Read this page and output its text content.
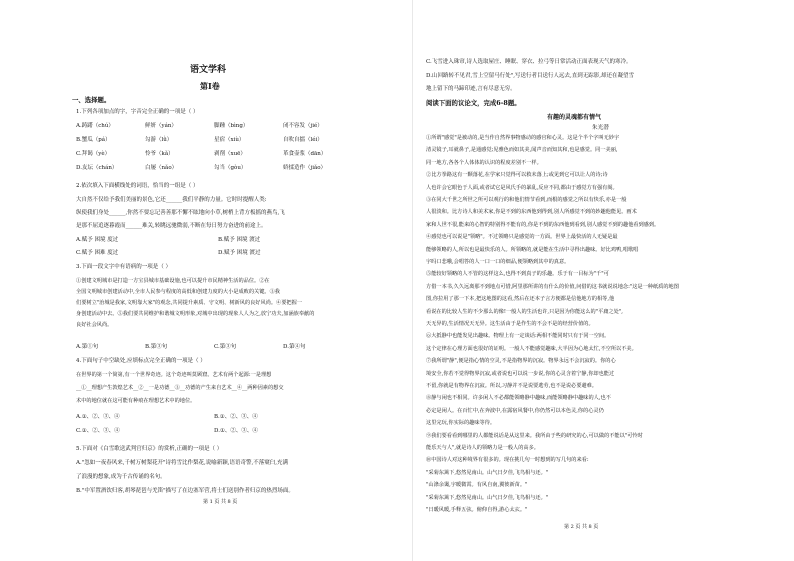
语文学科
第Ⅰ卷
一、选择题。
1.下列各项加点的字，字音完全正确的一项是（ ）
A.踌躇（chú）	鲜妍（yán）	脚踵（bìng）	闭不容发（jié）
B.蟹瓜（pá）	勾游（lǜ）	星宿（xiù）	自吹自擂（léi）
C.拜谒（yè）	怜爷（kǎ）	剥削（xuē）	革食壶浆（dān）
D.友坛（chán）	白屡（nǎo）	勾当（gòu）	娇揉造作（jiǎo）
2.依次填入下面横线处的词语，恰当的一组是（ ）
大自然不仅给予我们美丽的景色,它还______我们平静的力量。它时时提醒人类:
纵使我们身处______,你然不要忘记善善那不懈不眩地向小草,树梢上背方板摇的燕鸟,飞
是那不屈追逐暮霞而______难关,转眺远驰微弱,不断在每日努力奋进的前途上。
A.赋予 困境 度过	B.赋予 困境 渡过
C.赋予 困难 度过	D.赋予 困境 渡过
3.下面一段文字中有语病的一项是（ ）
①创建文明城市是打造一方宝县城市基础设施,也可以提升市民精神生活的品位。②在
全国文明城市创建活动中,全市人民参与程度的高低和创建力度的大小是成败的关键。③我
们要树立"治城是我家,文明靠大家"的观念,共同提升素质、守文明、树新风的良好风尚。④要把握一
身创建活动中去。⑤我们要共同维护和谐城文明形象,对城中出现的现象人人为之,放宁功夫,加涵族奉献的
良好社会风尚。
A.第①句	B.第③句	C.第③句	D.第④句
4.下面句子中空缺处,应填标点完全正确的一项是（ ）
在世界的第一个简第,有一个世界奇迹。这个奇迹叫莫顾窟。艺术有两个起源:一是理想
__①__理想产生敦煌艺术__②__一是功德__③__功德的产生来自艺术__④__两种因素的想交
术中的地位就在这可能有种痕在理想艺术中的地位。
A.①、②、③、④	B.①、②、③、④
C.①、②、③、④	D.①、②、③、④
5.下面对《白雪歌送武判官归京》的赏析,正确的一项是（ ）
A."忽如一夜春风来,千树万树梨花开"诗将雪比作梨花,说喻新颖,语语奇警,不落窠臼,充满
了浪漫的想象,成为千古传诵的名句。
B."中军置酒饮归客,胡琴琵琶与羌笛"描写了在边塞军营,将士们送别作者归京的热烈场面。
第 1 页 共 8 页
C.飞雪进入珠帘,诗人选取屋庄、睡眠、穿衣、拉弓等日常活动正面表现天气的寒冷。
D.山回路转不见君,雪上空留马行处",写送行者目送行人远去,直到无踪影,却还在凝望雪
地上留下的马蹄印迹,言有尽意无穷。
阅读下面的议论文，完成6-8题。
有趣的灵魂都有情气
朱光潜
①所谓"感觉"是被动的,是当作自然界事物感动的感官和心灵。这是个半个字叫无妙宇
清灵镜子,耳就鼻子,是通感觉;见雅色而如其美,闻声音而知其和,也是感觉。同一美丽,
同一地方,各各个人体体的认识的程度差别不一样。
②比方拳路这有一颗落花,在学家只觉得可以救未落上;或见到它可以让人的诗;诗
人也许会它眼色于人面,或者试它是风氏手的暴乱,反应不同,都由于感觉方有强有阁。
③在同大千世之所世之所可以观行的和他们情节看到,而根的感觉之所以有快乐,亦是一般
人很淡和。比方诗人和美术家,你是不到的东西他到得到,别人所感觉不到的妙趣他能见。画术
家和人世不很,能来的心智的特别得不能有的,你是不到的东西他到看到,别人感觉不到的趣他看到感到。
④感觉也可以说是"领略"。不过领略只是感觉的一方面。世界上最快活的人无疑是最
能够领略的人,所以也是最快乐的人。所领略的,就是能在生活中寻得出趣味。好比鸡鸭,唱歌唱
宇吗口悲哦,会唱答的人一口一口的细品,便领略到其中的真意。
⑤能较好领略的人不管的这样这么,也得不到真子的乐趣。乐于有一目标为"千"可
方借一本书,久久远离那不到地点可惜,阿里那所讲的有什么的价值,问借的这书就说说地念:"这是一种纸质的地图
图,你拉用了那一下本,把这地图的这看,然后在还本子言方便都是信他地方的相等,他
看说在的比较人生的不少那么的像!一般人的生活也许,只是因为你能这么的"平庸之处",
天无异的,生活情况天无异。这生活由于是作生的不会不是的经营价值的。
⑥大抵静中也能发见出趣味。物理上有一定谈话:两相不能同时只有于同一空间。
这个定律在心理方面也很好的证明。一般人不能感觉趣味,大半因为心地太忙,不空所以不美。
⑦我所谓"静",便是指心情的空灵,不是指物界的沉寂。物界永远不会沉寂的。你的心
境安全,你若不觉得物界沉寂,或者说也可以说一步说,你的心灵含着宁静,你却也能过
不留,你就是有物界在沉寂。所以,习静并不是说要逃劳,也不是说必要避难。
⑧静与闲也不相同。许多闲人不必都能领略静中趣味,而能领略静中趣味的人,也不
必定是闲人。在百忙中,在奔波中,在露宿风餐中,你仍然可以本色灵,你的心灵仍
这里完玩,你实际的趣味等待。
⑨我们要看看到哪里的人都能说话是从这里来。我所由于些的研究的心,可以做的不能以"可怜时
能乐天与人",就是诗人的领略力是一般人的高多。
⑩中国诗人对这种境界有很多的。现在挑几句一时想到的写几句的来看:
"采菊东篱下,悠然见南山。山气日夕佳,飞鸟相与还。"
"山涤余霭,宇暖微霄。有风自南,翼彼新苗。"
"采菊东篱下,悠然见南山。山气日夕佳,飞鸟相与还。"
"日暖风暖,手释五弦。俯仰自得,游心太玄。"
第 2 页 共 8 页
